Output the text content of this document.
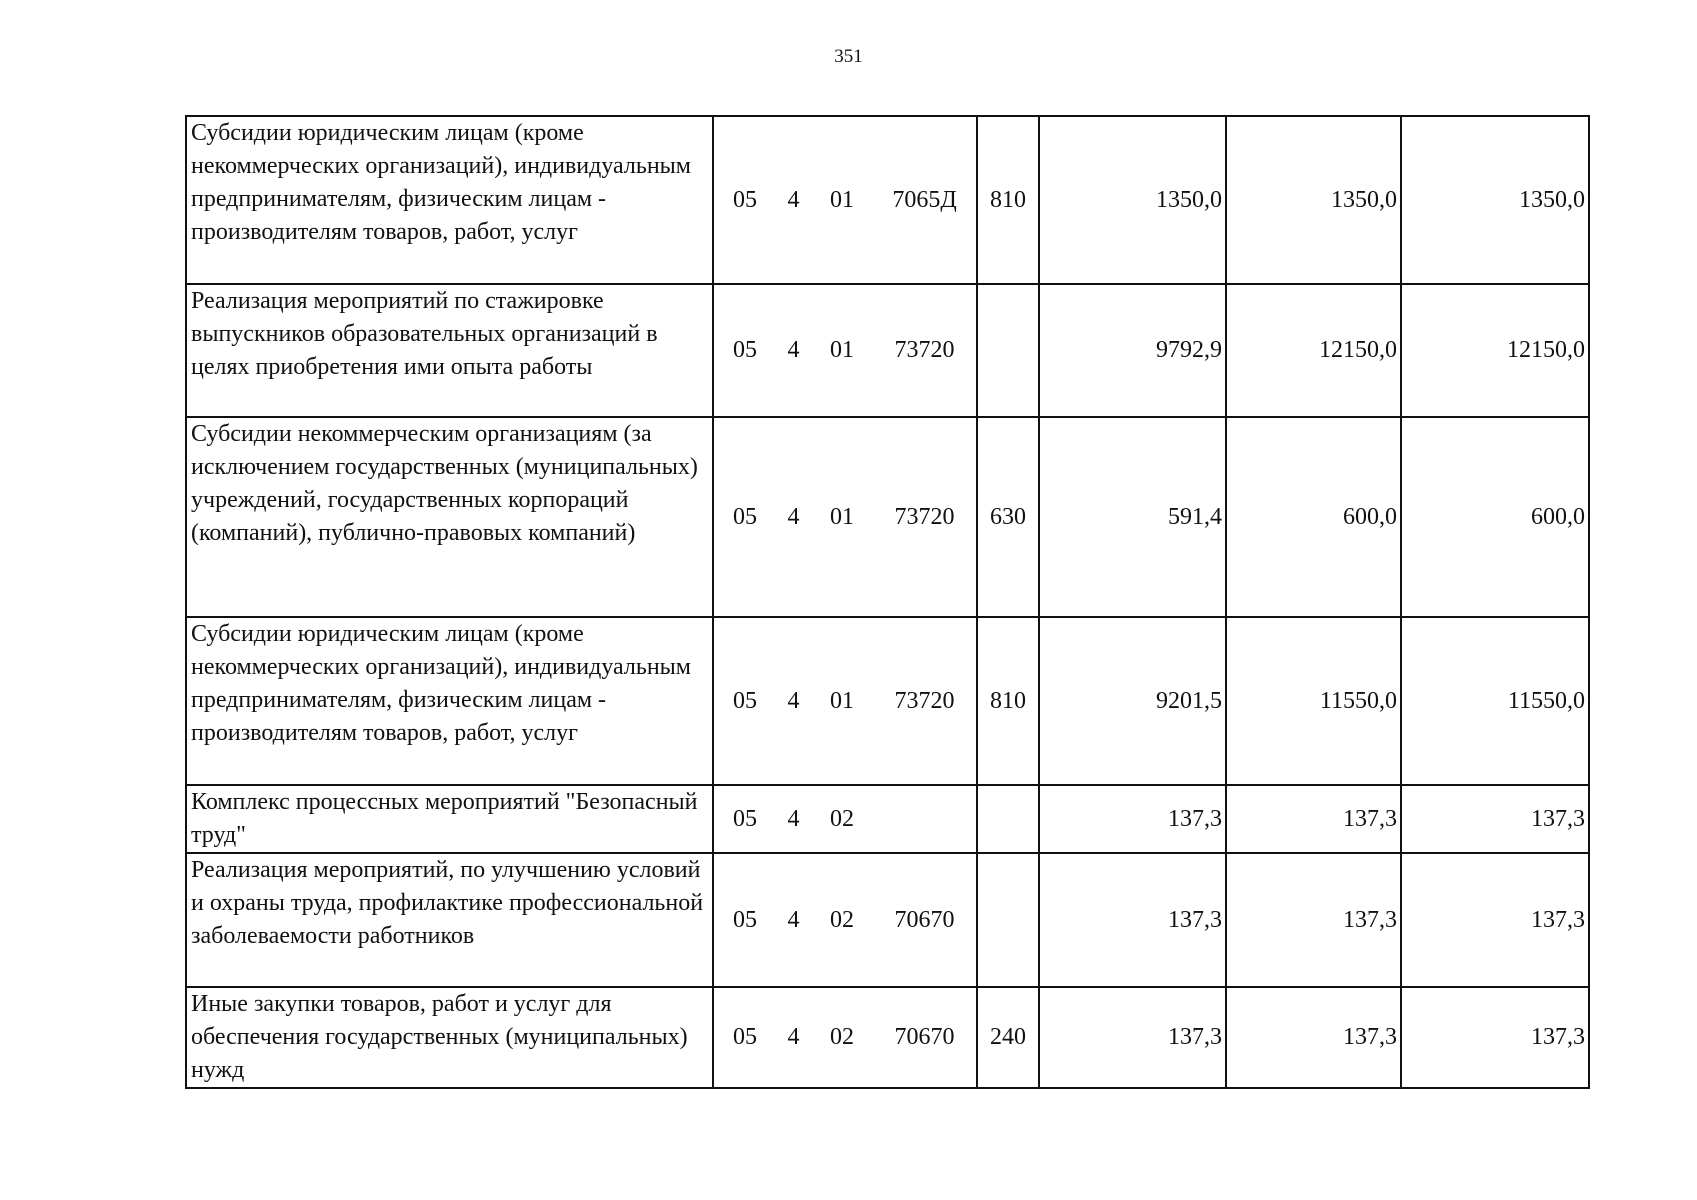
351
Субсидии юридическим лицам (кроме некоммерческих организаций), индивидуальным предпринимателям, физическим лицам - производителям товаров, работ, услуг	05 4 01 7065Д	810	1350,0	1350,0	1350,0
Реализация мероприятий по стажировке выпускников образовательных организаций в целях приобретения ими опыта работы	05 4 01 73720		9792,9	12150,0	12150,0
Субсидии некоммерческим организациям (за исключением государственных (муниципальных) учреждений, государственных корпораций (компаний), публично-правовых компаний)	05 4 01 73720	630	591,4	600,0	600,0
Субсидии юридическим лицам (кроме некоммерческих организаций), индивидуальным предпринимателям, физическим лицам - производителям товаров, работ, услуг	05 4 01 73720	810	9201,5	11550,0	11550,0
Комплекс процессных мероприятий "Безопасный труд"	05 4 02		137,3	137,3	137,3
Реализация мероприятий, по улучшению условий и охраны труда, профилактике профессиональной заболеваемости работников	05 4 02 70670		137,3	137,3	137,3
Иные закупки товаров, работ и услуг для обеспечения государственных (муниципальных) нужд	05 4 02 70670	240	137,3	137,3	137,3
